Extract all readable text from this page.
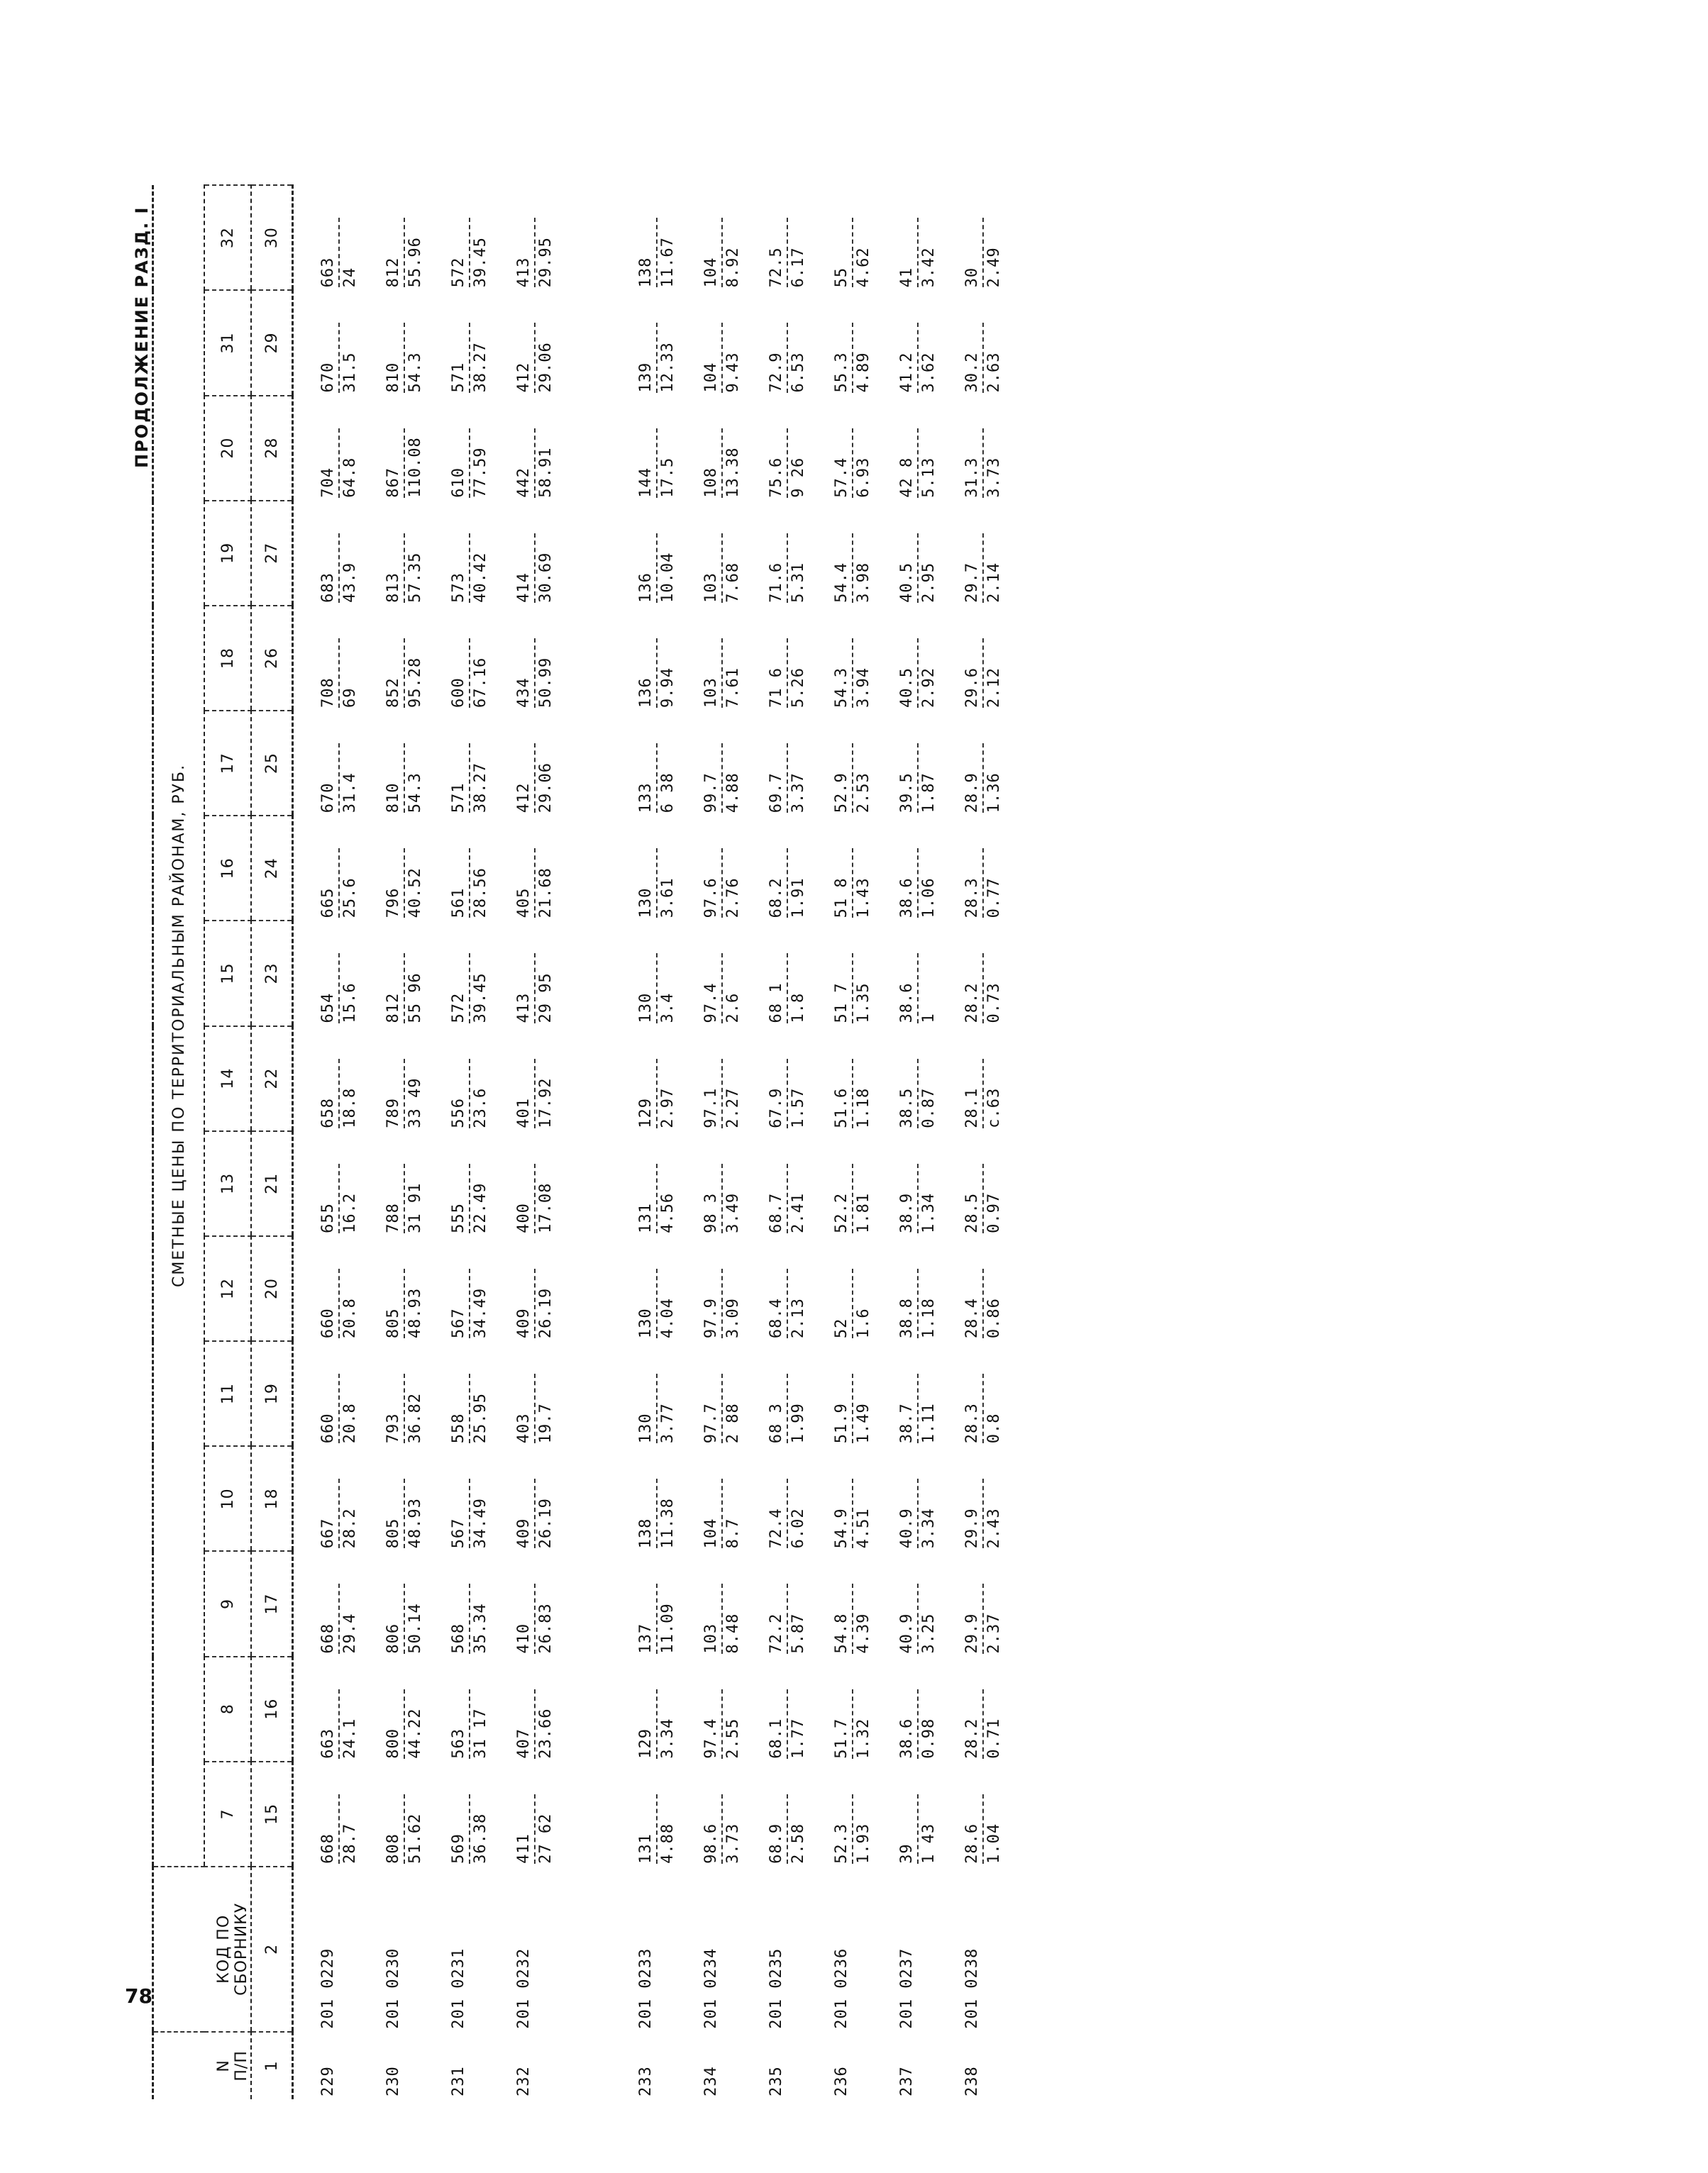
78
ПРОДОЛЖЕНИЕ РАЗД. I
N
П/П	КОД ПО
СБОРНИКУ	СМЕТНЫЕ ЦЕНЫ ПО ТЕРРИТОРИАЛЬНЫМ РАЙОНАМ, РУБ.															
		7	8	9	10	11	12	13	14	15	16	17	18	19	20	31	32
1	2	15	16	17	18	19	20	21	22	23	24	25	26	27	28	29	30
229	201 0229	668 28.7	663 24.1	668 29.4	667 28.2	660 20.8	660 20.8	655 16.2	658 18.8	654 15.6	665 25.6	670 31.4	708 69	683 43.9	704 64.8	670 31.5	663 24
230	201 0230	808 51.62	800 44.22	806 50.14	805 48.93	793 36.82	805 48.93	788 31 91	789 33 49	812 55 96	796 40.52	810 54.3	852 95.28	813 57.35	867 110.08	810 54.3	812 55.96
231	201 0231	569 36.38	563 31 17	568 35.34	567 34.49	558 25.95	567 34.49	555 22.49	556 23.6	572 39.45	561 28.56	571 38.27	600 67.16	573 40.42	610 77.59	571 38.27	572 39.45
232	201 0232	411 27 62	407 23.66	410 26.83	409 26.19	403 19.7	409 26.19	400 17.08	401 17.92	413 29 95	405 21.68	412 29.06	434 50.99	414 30.69	442 58.91	412 29.06	413 29.95

233	201 0233	131 4.88	129 3.34	137 11.09	138 11.38	130 3.77	130 4.04	131 4.56	129 2.97	130 3.4	130 3.61	133 6 38	136 9.94	136 10.04	144 17.5	139 12.33	138 11.67
234	201 0234	98.6 3.73	97.4 2.55	103 8.48	104 8.7	97.7 2 88	97.9 3.09	98 3 3.49	97.1 2.27	97.4 2.6	97.6 2.76	99.7 4.88	103 7.61	103 7.68	108 13.38	104 9.43	104 8.92
235	201 0235	68.9 2.58	68.1 1.77	72.2 5.87	72.4 6.02	68 3 1.99	68.4 2.13	68.7 2.41	67.9 1.57	68 1 1.8	68.2 1.91	69.7 3.37	71 6 5.26	71.6 5.31	75.6 9 26	72.9 6.53	72.5 6.17
236	201 0236	52.3 1.93	51.7 1.32	54.8 4.39	54.9 4.51	51.9 1.49	52 1.6	52.2 1.81	51.6 1.18	51 7 1.35	51 8 1.43	52.9 2.53	54.3 3.94	54.4 3.98	57.4 6.93	55.3 4.89	55 4.62
237	201 0237	39 1 43	38.6 0.98	40.9 3.25	40.9 3.34	38.7 1.11	38.8 1.18	38.9 1.34	38.5 0.87	38.6 1	38.6 1.06	39.5 1.87	40.5 2.92	40.5 2.95	42 8 5.13	41.2 3.62	41 3.42
238	201 0238	28.6 1.04	28.2 0.71	29.9 2.37	29.9 2.43	28.3 0.8	28.4 0.86	28.5 0.97	28.1 c.63	28.2 0.73	28.3 0.77	28.9 1.36	29.6 2.12	29.7 2.14	31.3 3.73	30.2 2.63	30 2.49
